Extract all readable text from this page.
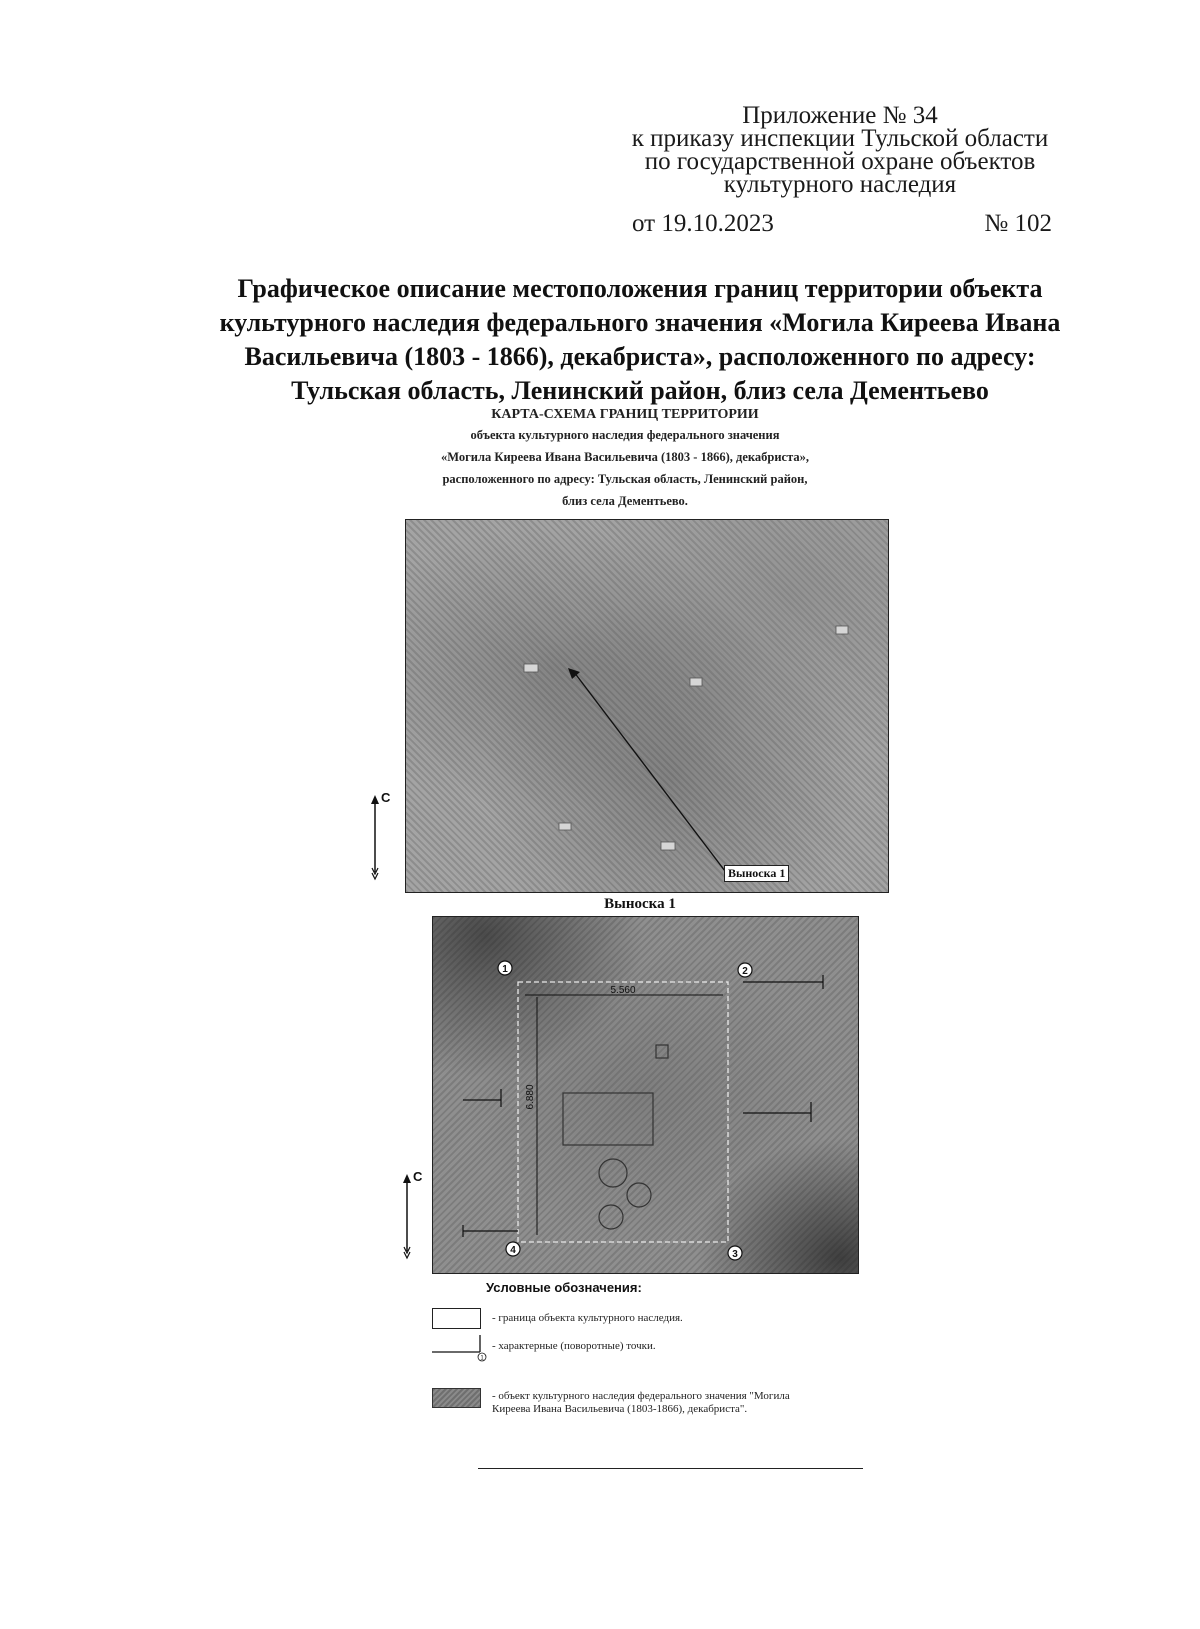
Приложение № 34
к приказу инспекции Тульской области
по государственной охране объектов
культурного наследия
от 19.10.2023	№ 102
Графическое описание местоположения границ территории объекта
культурного наследия федерального значения «Могила Киреева Ивана
Васильевича (1803 - 1866), декабриста», расположенного по адресу:
Тульская область, Ленинский район, близ села Дементьево
КАРТА-СХЕМА ГРАНИЦ ТЕРРИТОРИИ
объекта культурного наследия федерального значения
«Могила Киреева Ивана Васильевича (1803 - 1866), декабриста»,
расположенного по адресу: Тульская область, Ленинский район,
близ села Дементьево.
С
Выноска 1
Выноска 1
С
5.560
6.880
1	2
3
4
Условные обозначения:
- граница объекта культурного наследия.
1
- характерные (поворотные) точки.
- объект культурного наследия федерального значения "Могила Киреева Ивана Васильевича (1803-1866), декабриста".
